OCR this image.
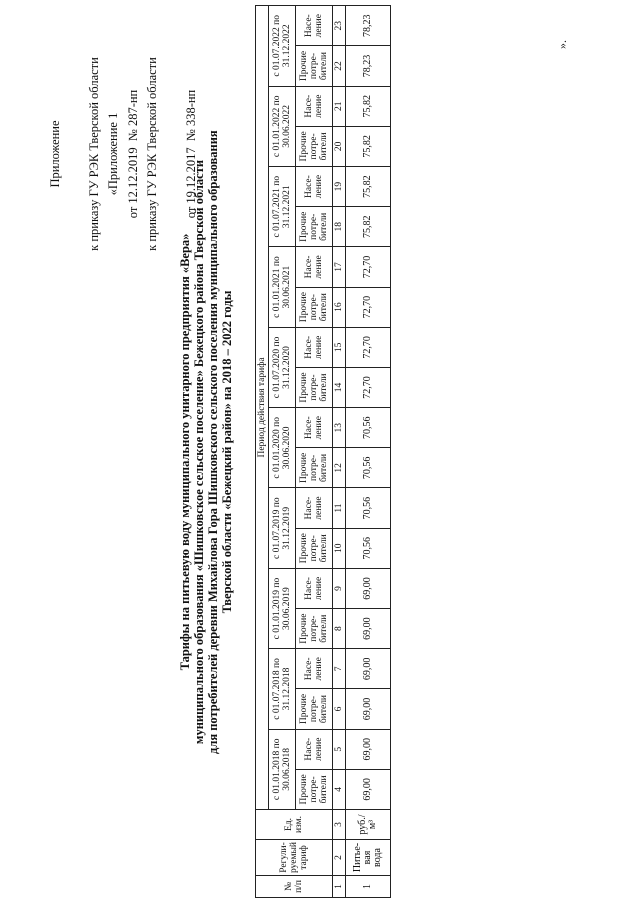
Приложение

к приказу ГУ РЭК Тверской области

от 12.12.2019  № 287-нп

«Приложение 1

к приказу ГУ РЭК Тверской области

от 19.12.2017  № 338-нп

Тарифы на питьевую воду муниципального унитарного предприятия «Вера» муниципального образования «Шишковское сельское поселение» Бежецкого района Тверской области для потребителей деревни Михайлова Гора Шишковского сельского поселения муниципального образования Тверской области «Бежецкий район» на 2018 – 2022 годы
№ п/п	Регули-руемый тариф	Ед. изм.	Период действия тарифа																			
			с 01.01.2018 по 30.06.2018		с 01.07.2018 по 31.12.2018		с 01.01.2019 по 30.06.2019		с 01.07.2019 по 31.12.2019		с 01.01.2020 по 30.06.2020		с 01.07.2020 по 31.12.2020		с 01.01.2021 по 30.06.2021		с 01.07.2021 по 31.12.2021		с 01.01.2022 по 30.06.2022		с 01.07.2022 по 31.12.2022	
			Прочие потре-бители	Насе-ление	Прочие потре-бители	Насе-ление	Прочие потре-бители	Насе-ление	Прочие потре-бители	Насе-ление	Прочие потре-бители	Насе-ление	Прочие потре-бители	Насе-ление	Прочие потре-бители	Насе-ление	Прочие потре-бители	Насе-ление	Прочие потре-бители	Насе-ление	Прочие потре-бители	Насе-ление
1	2	3	4	5	6	7	8	9	10	11	12	13	14	15	16	17	18	19	20	21	22	23
1	Питье-вая вода	руб./м³	69,00	69,00	69,00	69,00	69,00	69,00	70,56	70,56	70,56	70,56	72,70	72,70	72,70	72,70	75,82	75,82	75,82	75,82	78,23	78,23
».
